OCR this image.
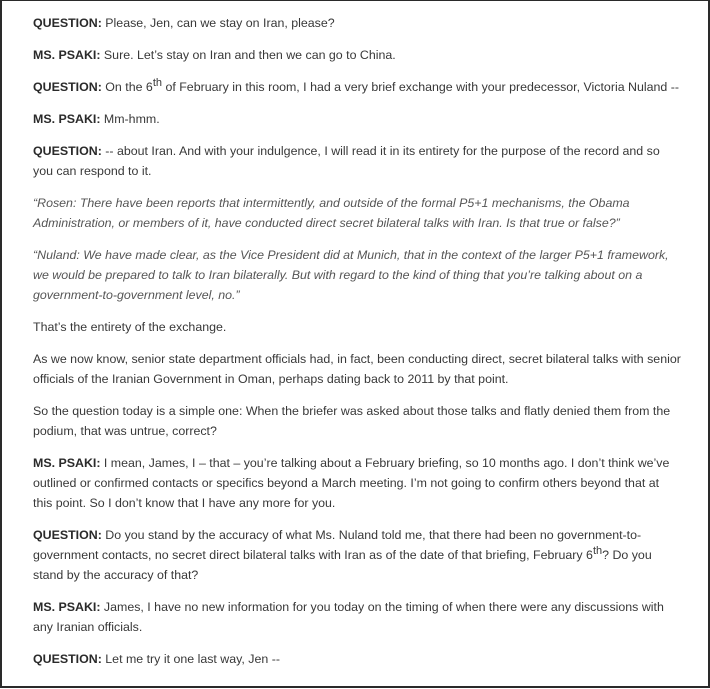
QUESTION: Please, Jen, can we stay on Iran, please?

MS. PSAKI: Sure. Let’s stay on Iran and then we can go to China.

QUESTION: On the 6th of February in this room, I had a very brief exchange with your predecessor, Victoria Nuland --

MS. PSAKI: Mm-hmm.

QUESTION: -- about Iran. And with your indulgence, I will read it in its entirety for the purpose of the record and so you can respond to it.

“Rosen: There have been reports that intermittently, and outside of the formal P5+1 mechanisms, the Obama Administration, or members of it, have conducted direct secret bilateral talks with Iran. Is that true or false?”

“Nuland: We have made clear, as the Vice President did at Munich, that in the context of the larger P5+1 framework, we would be prepared to talk to Iran bilaterally. But with regard to the kind of thing that you’re talking about on a government-to-government level, no.”

That’s the entirety of the exchange.

As we now know, senior state department officials had, in fact, been conducting direct, secret bilateral talks with senior officials of the Iranian Government in Oman, perhaps dating back to 2011 by that point.

So the question today is a simple one: When the briefer was asked about those talks and flatly denied them from the podium, that was untrue, correct?

MS. PSAKI: I mean, James, I – that – you’re talking about a February briefing, so 10 months ago. I don’t think we’ve outlined or confirmed contacts or specifics beyond a March meeting. I’m not going to confirm others beyond that at this point. So I don’t know that I have any more for you.

QUESTION: Do you stand by the accuracy of what Ms. Nuland told me, that there had been no government-to-government contacts, no secret direct bilateral talks with Iran as of the date of that briefing, February 6th? Do you stand by the accuracy of that?

MS. PSAKI: James, I have no new information for you today on the timing of when there were any discussions with any Iranian officials.

QUESTION: Let me try it one last way, Jen --
